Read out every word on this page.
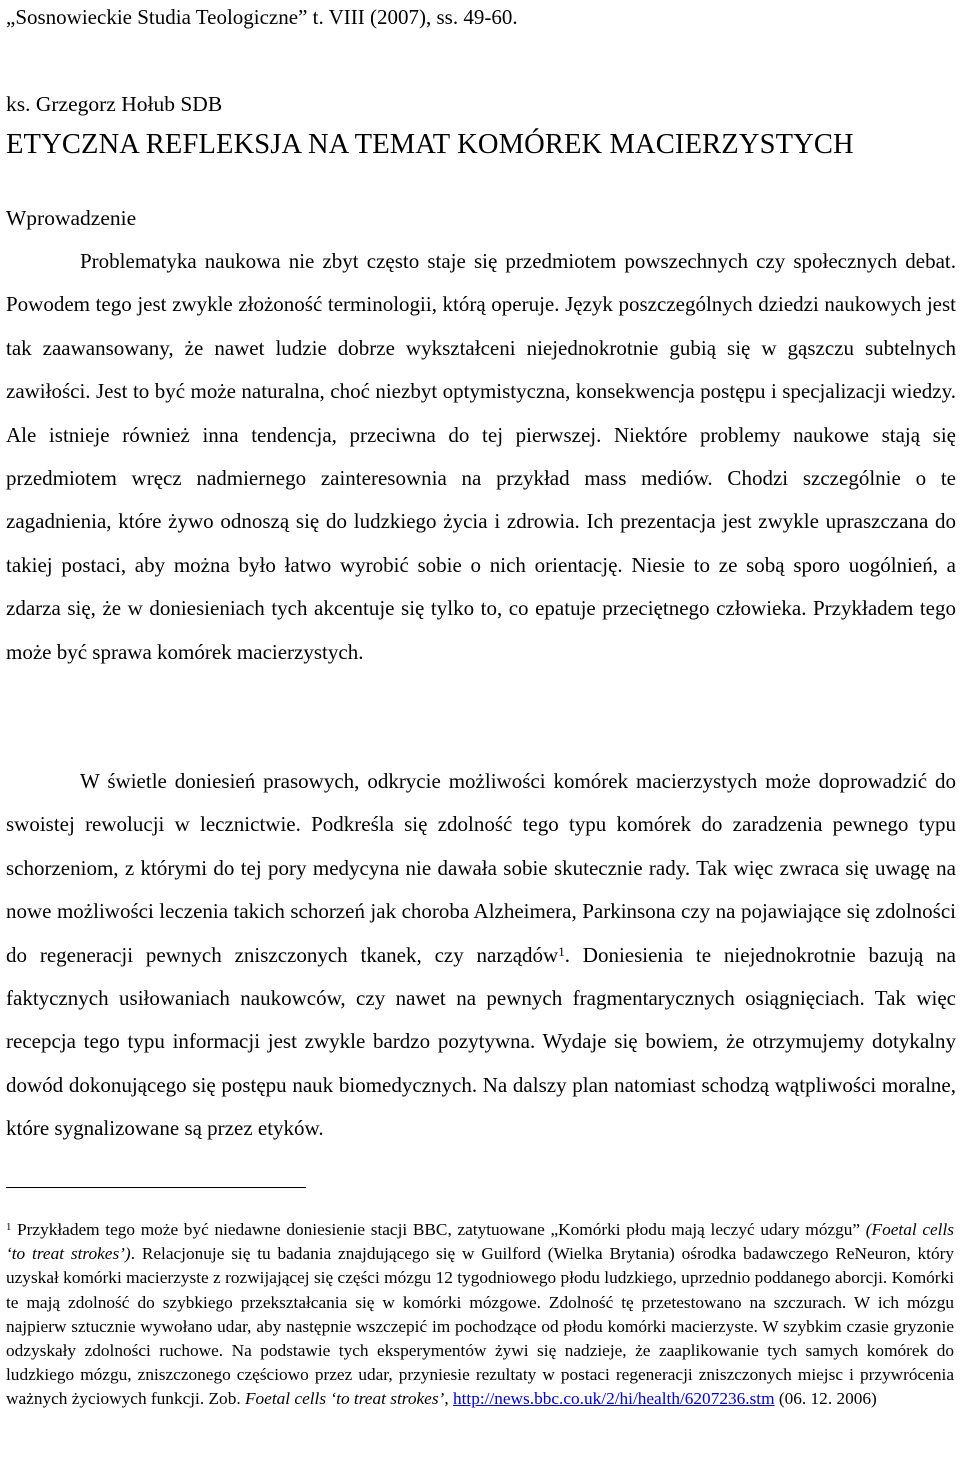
„Sosnowieckie Studia Teologiczne” t. VIII (2007), ss. 49-60.
ks. Grzegorz Hołub SDB
ETYCZNA REFLEKSJA NA TEMAT KOMÓREK MACIERZYSTYCH
Wprowadzenie

Problematyka naukowa nie zbyt często staje się przedmiotem powszechnych czy społecznych debat. Powodem tego jest zwykle złożoność terminologii, którą operuje. Język poszczególnych dziedzi naukowych jest tak zaawansowany, że nawet ludzie dobrze wykształceni niejednokrotnie gubią się w gąszczu subtelnych zawiłości. Jest to być może naturalna, choć niezbyt optymistyczna, konsekwencja postępu i specjalizacji wiedzy. Ale istnieje również inna tendencja, przeciwna do tej pierwszej. Niektóre problemy naukowe stają się przedmiotem wręcz nadmiernego zainteresownia na przykład mass mediów. Chodzi szczególnie o te zagadnienia, które żywo odnoszą się do ludzkiego życia i zdrowia. Ich prezentacja jest zwykle upraszczana do takiej postaci, aby można było łatwo wyrobić sobie o nich orientację. Niesie to ze sobą sporo uogólnień, a zdarza się, że w doniesieniach tych akcentuje się tylko to, co epatuje przeciętnego człowieka. Przykładem tego może być sprawa komórek macierzystych.

W świetle doniesień prasowych, odkrycie możliwości komórek macierzystych może doprowadzić do swoistej rewolucji w lecznictwie. Podkreśla się zdolność tego typu komórek do zaradzenia pewnego typu schorzeniom, z którymi do tej pory medycyna nie dawała sobie skutecznie rady. Tak więc zwraca się uwagę na nowe możliwości leczenia takich schorzeń jak choroba Alzheimera, Parkinsona czy na pojawiające się zdolności do regeneracji pewnych zniszczonych tkanek, czy narządów$^1$. Doniesienia te niejednokrotnie bazują na faktycznych usiłowaniach naukowców, czy nawet na pewnych fragmentarycznych osiągnięciach. Tak więc recepcja tego typu informacji jest zwykle bardzo pozytywna. Wydaje się bowiem, że otrzymujemy dotykalny dowód dokonującego się postępu nauk biomedycznych. Na dalszy plan natomiast schodzą wątpliwości moralne, które sygnalizowane są przez etyków.

$^1$ Przykładem tego może być niedawne doniesienie stacji BBC, zatytuowane „Komórki płodu mają leczyć udary mózgu” (Foetal cells ‘to treat strokes’). Relacjonuje się tu badania znajdującego się w Guilford (Wielka Brytania) ośrodka badawczego ReNeuron, który uzyskał komórki macierzyste z rozwijającej się części mózgu 12 tygodniowego płodu ludzkiego, uprzednio poddanego aborcji. Komórki te mają zdolność do szybkiego przekształcania się w komórki mózgowe. Zdolność tę przetestowano na szczurach. W ich mózgu najpierw sztucznie wywołano udar, aby następnie wszczepić im pochodzące od płodu komórki macierzyste. W szybkim czasie gryzonie odzyskały zdolności ruchowe. Na podstawie tych eksperymentów żywi się nadzieje, że zaaplikowanie tych samych komórek do ludzkiego mózgu, zniszczonego częściowo przez udar, przyniesie rezultaty w postaci regeneracji zniszczonych miejsc i przywrócenia ważnych życiowych funkcji. Zob. Foetal cells ‘to treat strokes’, http://news.bbc.co.uk/2/hi/health/6207236.stm (06. 12. 2006)
